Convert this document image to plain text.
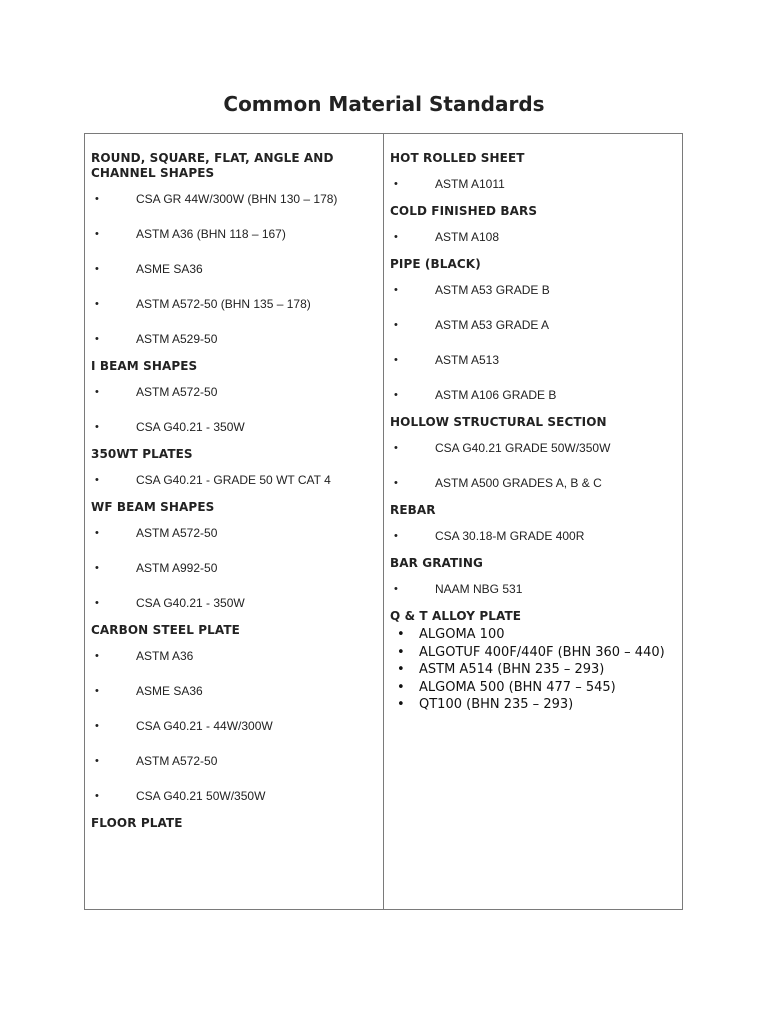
Common Material Standards
ROUND, SQUARE, FLAT, ANGLE AND CHANNEL SHAPES
•	CSA GR 44W/300W (BHN 130 – 178)
•	ASTM A36 (BHN 118 – 167)
•	ASME SA36
•	ASTM A572-50 (BHN 135 – 178)
•	ASTM A529-50
I BEAM SHAPES
•	ASTM A572-50
•	CSA G40.21 - 350W
350WT PLATES
•	CSA G40.21 - GRADE 50 WT CAT 4
WF BEAM SHAPES
•	ASTM A572-50
•	ASTM A992-50
•	CSA G40.21 - 350W
CARBON STEEL PLATE
•	ASTM A36
•	ASME SA36
•	CSA G40.21 - 44W/300W
•	ASTM A572-50
•	CSA G40.21 50W/350W
FLOOR PLATE
HOT ROLLED SHEET
•	ASTM A1011
COLD FINISHED BARS
•	ASTM A108
PIPE (BLACK)
•	ASTM A53 GRADE B
•	ASTM A53 GRADE A
•	ASTM A513
•	ASTM A106 GRADE B
HOLLOW STRUCTURAL SECTION
•	CSA G40.21 GRADE 50W/350W
•	ASTM A500 GRADES A, B & C
REBAR
•	CSA 30.18-M GRADE 400R
BAR GRATING
•	NAAM NBG 531
Q & T ALLOY PLATE
• ALGOMA 100
• ALGOTUF 400F/440F (BHN 360 – 440)
• ASTM A514 (BHN 235 – 293)
• ALGOMA 500 (BHN 477 – 545)
• QT100 (BHN 235 – 293)
